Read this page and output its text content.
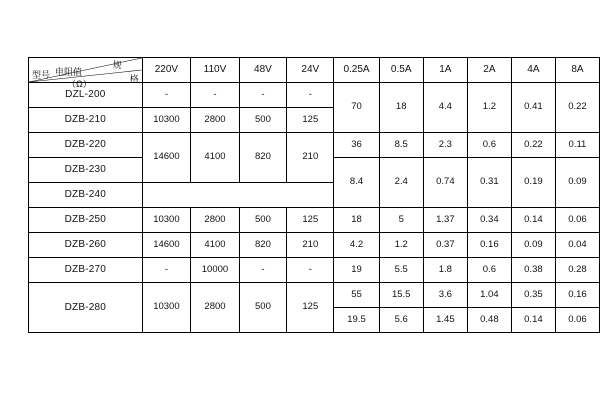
规
格
电阻值
（Ω）
型号	220V	110V	48V	24V	0.25A	0.5A	1A	2A	4A	8A
DZL-200	-	-	-	-	70	18	4.4	1.2	0.41	0.22
DZB-210	10300	2800	500	125						
DZB-220	14600	4100	820	210	36	8.5	2.3	0.6	0.22	0.11
DZB-230					8.4	2.4	0.74	0.31	0.19	0.09
DZB-240										
DZB-250	10300	2800	500	125	18	5	1.37	0.34	0.14	0.06
DZB-260	14600	4100	820	210	4.2	1.2	0.37	0.16	0.09	0.04
DZB-270	-	10000	-	-	19	5.5	1.8	0.6	0.38	0.28
DZB-280	10300	2800	500	125	55	15.5	3.6	1.04	0.35	0.16
					19.5	5.6	1.45	0.48	0.14	0.06
